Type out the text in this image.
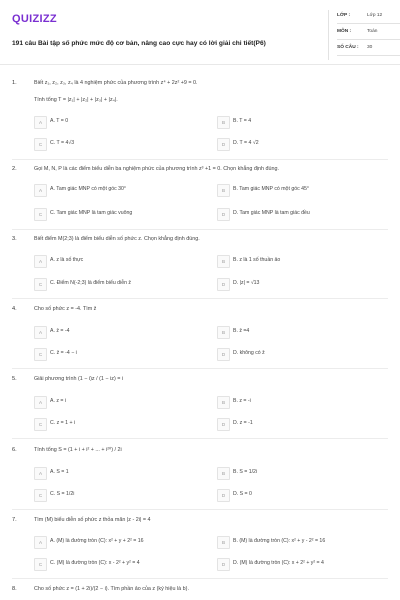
QUIZIZZ
191 câu Bài tập số phức mức độ cơ bản, nâng cao cực hay có lời giải chi tiết(P6)
LỚP :	Lớp 12
MÔN :	Toán
SỐ CÂU : 30
1.	Biết z₁, z₂, z₃, z₄ là 4 nghiệm phức của phương trình z⁴ + 2z² +9 = 0.
Tính tổng T = |z₁| + |z₂| + |z₃| + |z₄|.
A	A. T = 0	B	B. T = 4
C	C. T = 4√3	D	D. T = 4 √2
2.	Gọi M, N, P là các điểm biểu diễn ba nghiệm phức của phương trình z³ +1 = 0. Chọn khẳng định đúng.
A	A. Tam giác MNP có một góc 30°	B	B. Tam giác MNP có một góc 45°
C	C. Tam giác MNP là tam giác vuông	D	D. Tam giác MNP là tam giác đều
3.	Biết điểm M(2;3) là điểm biểu diễn số phức z. Chọn khẳng định đúng.
A	A. z là số thực	B	B. z là 1 số thuần ảo
C	C. Điểm N(-2;3) là điểm biểu diễn z̄	D	D. |z| = √13
4.	Cho số phức z = -4. Tìm z̄
A	A. z̄ = -4	B	B. z̄ =4
C	C. z̄ = -4 − i	D	D. không có z̄
5.	Giải phương trình (1 − i)z / (1 − iz) = i
A	A. z = i	B	B. z = -i
C	C. z = 1 + i	D	D. z = -1
6.	Tính tổng S = (1 + i + i² + ... + i²⁰) / 2i
A	A. S = 1	B	B. S = 1/2i
C	C. S = 1/2i	D	D. S = 0
7.	Tìm (M) biểu diễn số phức z thỏa mãn |z - 2i| = 4
A	A. (M) là đường tròn (C): x² + y + 2² = 16	B	B. (M) là đường tròn (C): x² + y - 2² = 16
C	C. (M) là đường tròn (C): x - 2² + y² = 4	D	D. (M) là đường tròn (C): x + 2² + y² = 4
8.	Cho số phức z = (1 + 2i)/(2 − i). Tìm phần ảo của z (ký hiệu là b).
